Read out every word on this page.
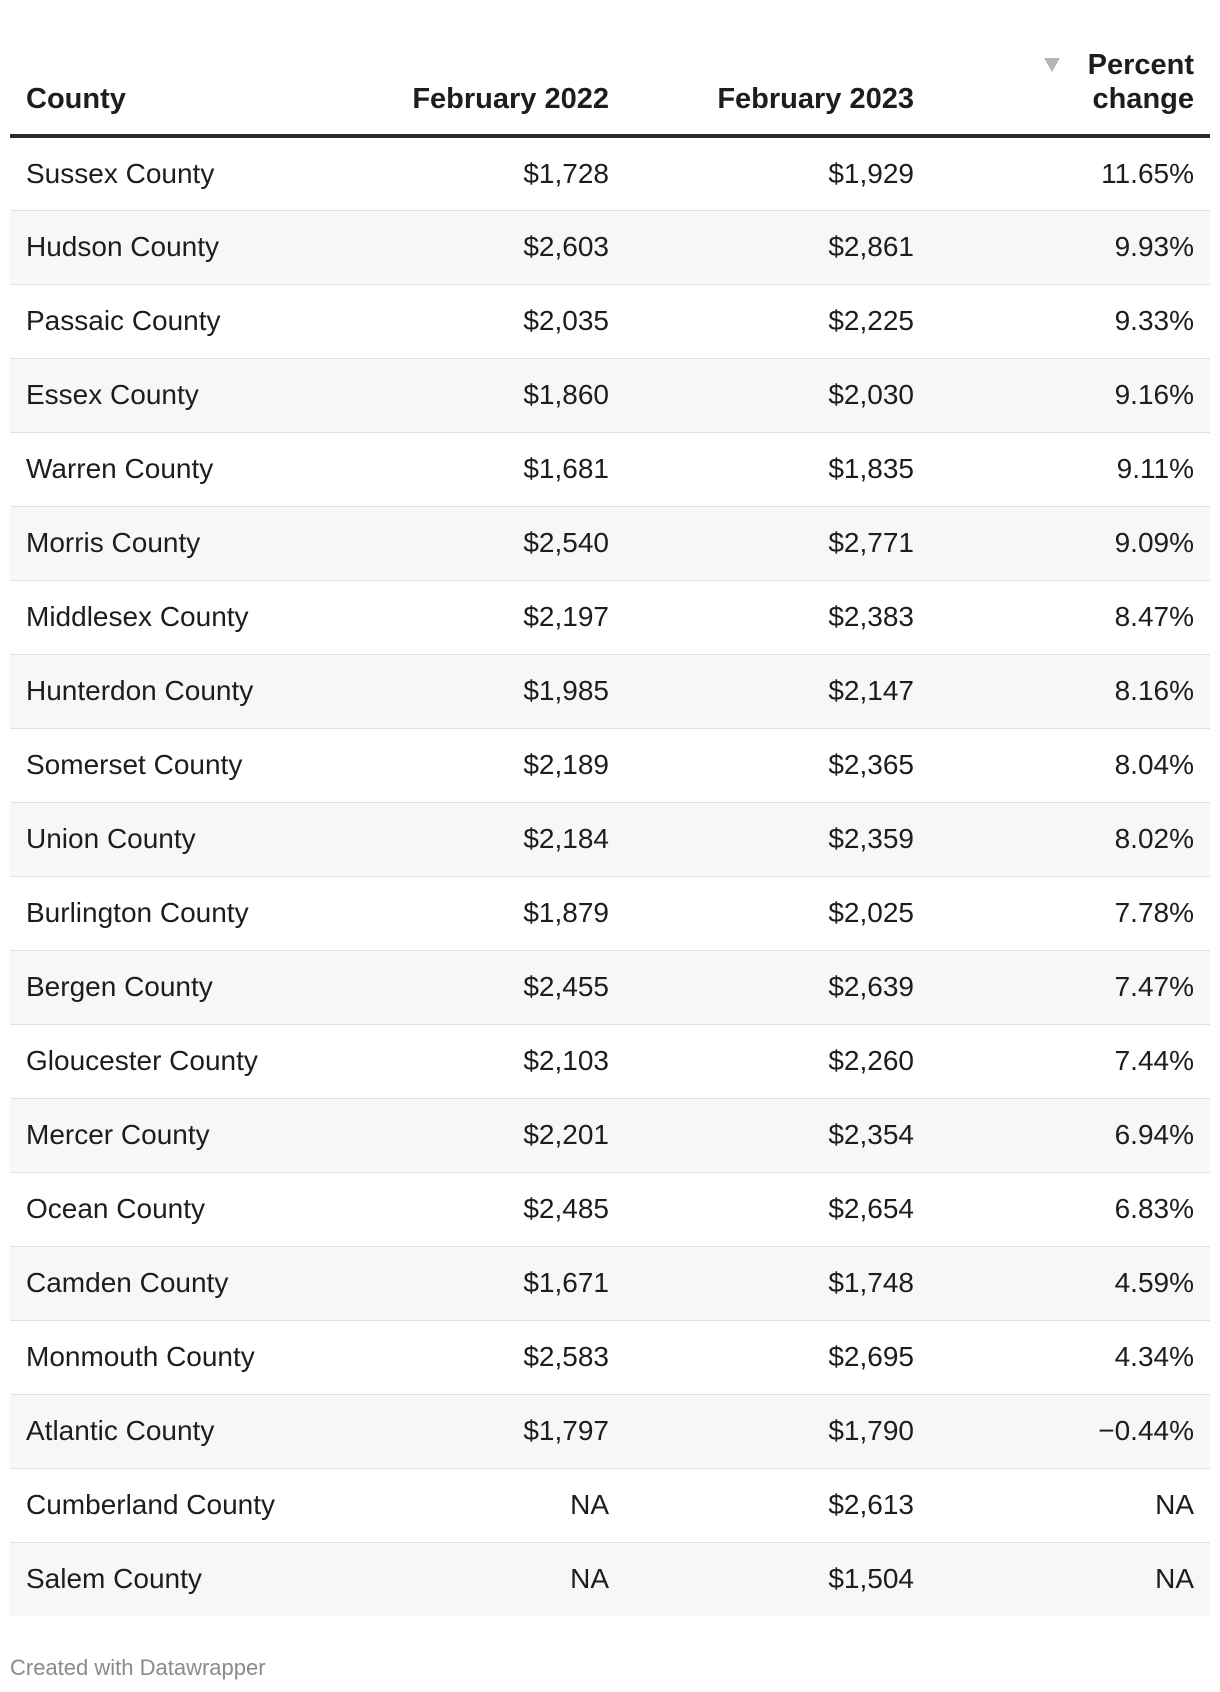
County	February 2022	February 2023	Percent change

Sussex County	$1,728	$1,929	11.65%
Hudson County	$2,603	$2,861	9.93%
Passaic County	$2,035	$2,225	9.33%
Essex County	$1,860	$2,030	9.16%
Warren County	$1,681	$1,835	9.11%
Morris County	$2,540	$2,771	9.09%
Middlesex County	$2,197	$2,383	8.47%
Hunterdon County	$1,985	$2,147	8.16%
Somerset County	$2,189	$2,365	8.04%
Union County	$2,184	$2,359	8.02%
Burlington County	$1,879	$2,025	7.78%
Bergen County	$2,455	$2,639	7.47%
Gloucester County	$2,103	$2,260	7.44%
Mercer County	$2,201	$2,354	6.94%
Ocean County	$2,485	$2,654	6.83%
Camden County	$1,671	$1,748	4.59%
Monmouth County	$2,583	$2,695	4.34%
Atlantic County	$1,797	$1,790	−0.44%
Cumberland County	NA	$2,613	NA
Salem County	NA	$1,504	NA
Created with Datawrapper
